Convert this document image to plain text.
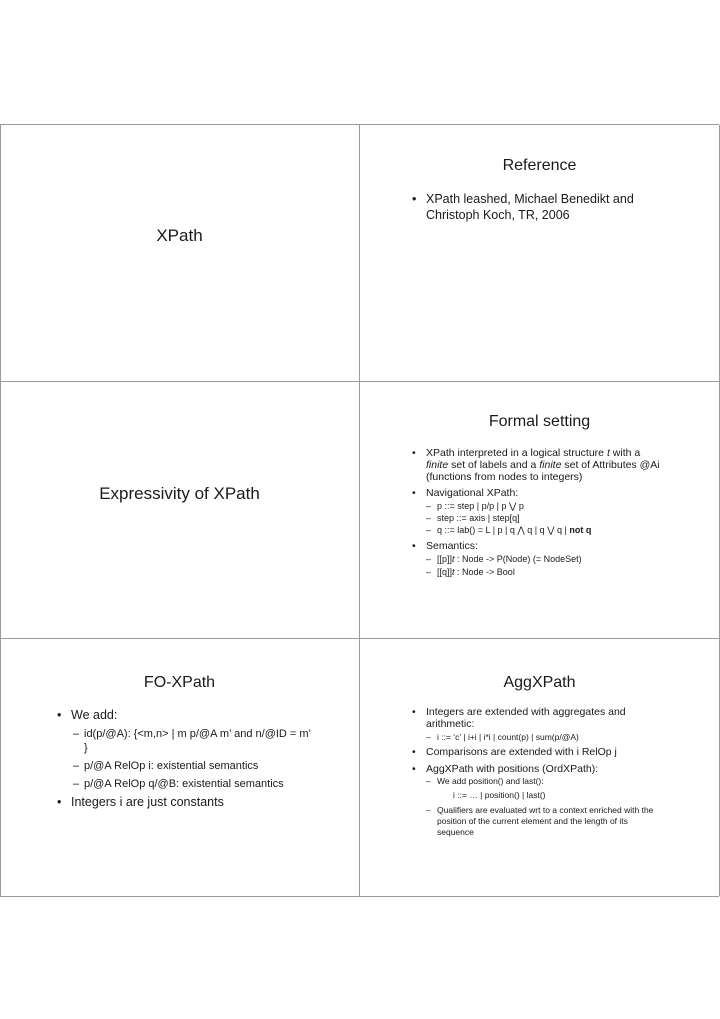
XPath
Reference
• XPath leashed, Michael Benedikt and Christoph Koch, TR, 2006
Expressivity of XPath
Formal setting
• XPath interpreted in a logical structure t with a finite set of labels and a finite set of Attributes @Ai (functions from nodes to integers)
• Navigational XPath:
– p ::= step | p/p | p ⋁ p
– step ::= axis | step[q]
– q ::= lab() = L | p | q ⋀ q | q ⋁ q | not q
• Semantics:
– [[p]]t : Node -> P(Node) (= NodeSet)
– [[q]]t : Node -> Bool
FO-XPath
• We add:
– id(p/@A): {<m,n> | m p/@A m’ and n/@ID = m’ }
– p/@A RelOp i: existential semantics
– p/@A RelOp q/@B: existential semantics
• Integers i are just constants
AggXPath
• Integers are extended with aggregates and arithmetic:
– i ::= ‘c’ | i+i | i*i | count(p) | sum(p/@A)
• Comparisons are extended with i RelOp j
• AggXPath with positions (OrdXPath):
– We add position() and last():
i ::= … | position() | last()
– Qualifiers are evaluated wrt to a context enriched with the position of the current element and the length of its sequence
